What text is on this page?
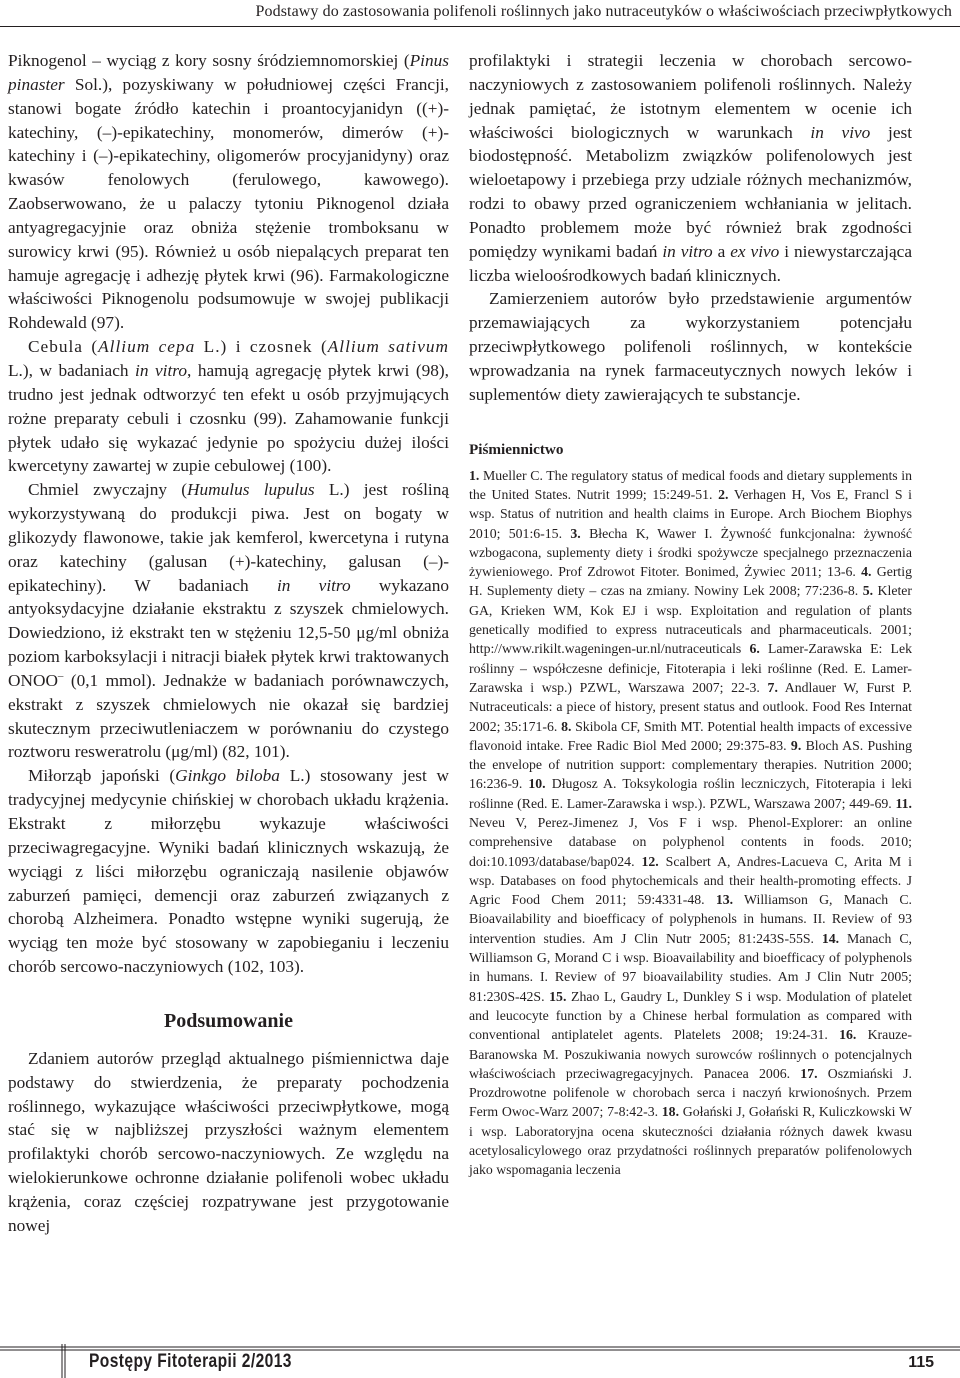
Podstawy do zastosowania polifenoli roślinnych jako nutraceutyków o właściwościach przeciwpłytkowych

Piknogenol – wyciąg z kory sosny śródziemnomorskiej (Pinus pinaster Sol.), pozyskiwany w południowej części Francji, stanowi bogate źródło katechin i proantocyjanidyn ((+)-katechiny, (–)-epikatechiny, monomerów, dimerów (+)-katechiny i (–)-epikatechiny, oligomerów procyjanidyny) oraz kwasów fenolowych (ferulowego, kawowego). Zaobserwowano, że u palaczy tytoniu Piknogenol działa antyagregacyjnie oraz obniża stężenie tromboksanu w surowicy krwi (95). Również u osób niepalących preparat ten hamuje agregację i adhezję płytek krwi (96). Farmakologiczne właściwości Piknogenolu podsumowuje w swojej publikacji Rohdewald (97).

Cebula (Allium cepa L.) i czosnek (Allium sativum L.), w badaniach in vitro, hamują agregację płytek krwi (98), trudno jest jednak odtworzyć ten efekt u osób przyjmujących rożne preparaty cebuli i czosnku (99). Zahamowanie funkcji płytek udało się wykazać jedynie po spożyciu dużej ilości kwercetyny zawartej w zupie cebulowej (100).

Chmiel zwyczajny (Humulus lupulus L.) jest rośliną wykorzystywaną do produkcji piwa. Jest on bogaty w glikozydy flawonowe, takie jak kemferol, kwercetyna i rutyna oraz katechiny (galusan (+)-katechiny, galusan (–)-epikatechiny). W badaniach in vitro wykazano antyoksydacyjne działanie ekstraktu z szyszek chmielowych. Dowiedziono, iż ekstrakt ten w stężeniu 12,5-50 μg/ml obniża poziom karboksylacji i nitracji białek płytek krwi traktowanych ONOO– (0,1 mmol). Jednakże w badaniach porównawczych, ekstrakt z szyszek chmielowych nie okazał się bardziej skutecznym przeciwutleniaczem w porównaniu do czystego roztworu resweratrolu (μg/ml) (82, 101).

Miłorząb japoński (Ginkgo biloba L.) stosowany jest w tradycyjnej medycynie chińskiej w chorobach układu krążenia. Ekstrakt z miłorzębu wykazuje właściwości przeciwagregacyjne. Wyniki badań klinicznych wskazują, że wyciągi z liści miłorzębu ograniczają nasilenie objawów zaburzeń pamięci, demencji oraz zaburzeń związanych z chorobą Alzheimera. Ponadto wstępne wyniki sugerują, że wyciąg ten może być stosowany w zapobieganiu i leczeniu chorób sercowo-naczyniowych (102, 103).

Podsumowanie

Zdaniem autorów przegląd aktualnego piśmiennictwa daje podstawy do stwierdzenia, że preparaty pochodzenia roślinnego, wykazujące właściwości przeciwpłytkowe, mogą stać się w najbliższej przyszłości ważnym elementem profilaktyki chorób sercowo-naczyniowych. Ze względu na wielokierunkowe ochronne działanie polifenoli wobec układu krążenia, coraz częściej rozpatrywane jest przygotowanie nowej

profilaktyki i strategii leczenia w chorobach sercowo-naczyniowych z zastosowaniem polifenoli roślinnych. Należy jednak pamiętać, że istotnym elementem w ocenie ich właściwości biologicznych w warunkach in vivo jest biodostępność. Metabolizm związków polifenolowych jest wieloetapowy i przebiega przy udziale różnych mechanizmów, rodzi to obawy przed ograniczeniem wchłaniania w jelitach. Ponadto problemem może być również brak zgodności pomiędzy wynikami badań in vitro a ex vivo i niewystarczająca liczba wieloośrodkowych badań klinicznych.

Zamierzeniem autorów było przedstawienie argumentów przemawiających za wykorzystaniem potencjału przeciwpłytkowego polifenoli roślinnych, w kontekście wprowadzania na rynek farmaceutycznych nowych leków i suplementów diety zawierających te substancje.

Piśmiennictwo

1. Mueller C. The regulatory status of medical foods and dietary supplements in the United States. Nutrit 1999; 15:249-51. 2. Verhagen H, Vos E, Francl S i wsp. Status of nutrition and health claims in Europe. Arch Biochem Biophys 2010; 501:6-15. 3. Błecha K, Wawer I. Żywność funkcjonalna: żywność wzbogacona, suplementy diety i środki spożywcze specjalnego przeznaczenia żywieniowego. Prof Zdrowot Fitoter. Bonimed, Żywiec 2011; 13-6. 4. Gertig H. Suplementy diety – czas na zmiany. Nowiny Lek 2008; 77:236-8. 5. Kleter GA, Krieken WM, Kok EJ i wsp. Exploitation and regulation of plants genetically modified to express nutraceuticals and pharmaceuticals. 2001; http://www.rikilt.wageningen-ur.nl/nutraceuticals 6. Lamer-Zarawska E: Lek roślinny – współczesne definicje, Fitoterapia i leki roślinne (Red. E. Lamer-Zarawska i wsp.) PZWL, Warszawa 2007; 22-3. 7. Andlauer W, Furst P. Nutraceuticals: a piece of history, present status and outlook. Food Res Internat 2002; 35:171-6. 8. Skibola CF, Smith MT. Potential health impacts of excessive flavonoid intake. Free Radic Biol Med 2000; 29:375-83. 9. Bloch AS. Pushing the envelope of nutrition support: complementary therapies. Nutrition 2000; 16:236-9. 10. Długosz A. Toksykologia roślin leczniczych, Fitoterapia i leki roślinne (Red. E. Lamer-Zarawska i wsp.). PZWL, Warszawa 2007; 449-69. 11. Neveu V, Perez-Jimenez J, Vos F i wsp. Phenol-Explorer: an online comprehensive database on polyphenol contents in foods. 2010; doi:10.1093/database/bap024. 12. Scalbert A, Andres-Lacueva C, Arita M i wsp. Databases on food phytochemicals and their health-promoting effects. J Agric Food Chem 2011; 59:4331-48. 13. Williamson G, Manach C. Bioavailability and bioefficacy of polyphenols in humans. II. Review of 93 intervention studies. Am J Clin Nutr 2005; 81:243S-55S. 14. Manach C, Williamson G, Morand C i wsp. Bioavailability and bioefficacy of polyphenols in humans. I. Review of 97 bioavailability studies. Am J Clin Nutr 2005; 81:230S-42S. 15. Zhao L, Gaudry L, Dunkley S i wsp. Modulation of platelet and leucocyte function by a Chinese herbal formulation as compared with conventional antiplatelet agents. Platelets 2008; 19:24-31. 16. Krauze-Baranowska M. Poszukiwania nowych surowców roślinnych o potencjalnych właściwościach przeciwagregacyjnych. Panacea 2006. 17. Oszmiański J. Prozdrowotne polifenole w chorobach serca i naczyń krwionośnych. Przem Ferm Owoc-Warz 2007; 7-8:42-3. 18. Gołański J, Gołański R, Kuliczkowski W i wsp. Laboratoryjna ocena skuteczności działania różnych dawek kwasu acetylosalicylowego oraz przydatności roślinnych preparatów polifenolowych jako wspomagania leczenia

Postępy Fitoterapii 2/2013	115
